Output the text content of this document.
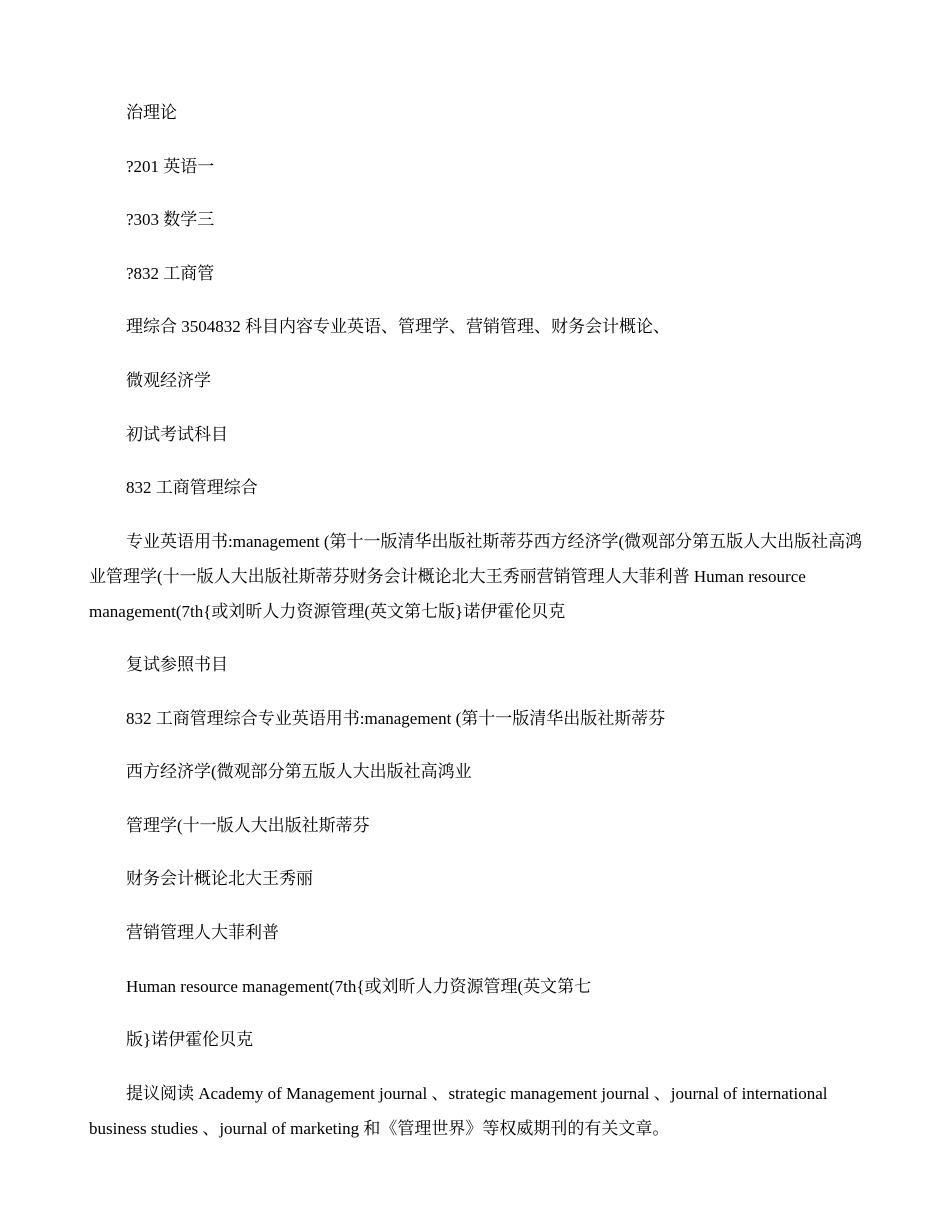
治理论

?201 英语一

?303 数学三

?832 工商管

理综合 3504832 科目内容专业英语、管理学、营销管理、财务会计概论、

微观经济学

初试考试科目

832 工商管理综合

专业英语用书:management (第十一版清华出版社斯蒂芬西方经济学(微观部分第五版人大出版社高鸿业管理学(十一版人大出版社斯蒂芬财务会计概论北大王秀丽营销管理人大菲利普 Human resource management(7th{或刘昕人力资源管理(英文第七版}诺伊霍伦贝克

复试参照书目

832 工商管理综合专业英语用书:management (第十一版清华出版社斯蒂芬

西方经济学(微观部分第五版人大出版社高鸿业

管理学(十一版人大出版社斯蒂芬

财务会计概论北大王秀丽

营销管理人大菲利普

Human resource management(7th{或刘昕人力资源管理(英文第七

版}诺伊霍伦贝克

提议阅读 Academy of Management journal 、strategic management journal 、journal of international business studies 、journal of marketing 和《管理世界》等权威期刊的有关文章。
